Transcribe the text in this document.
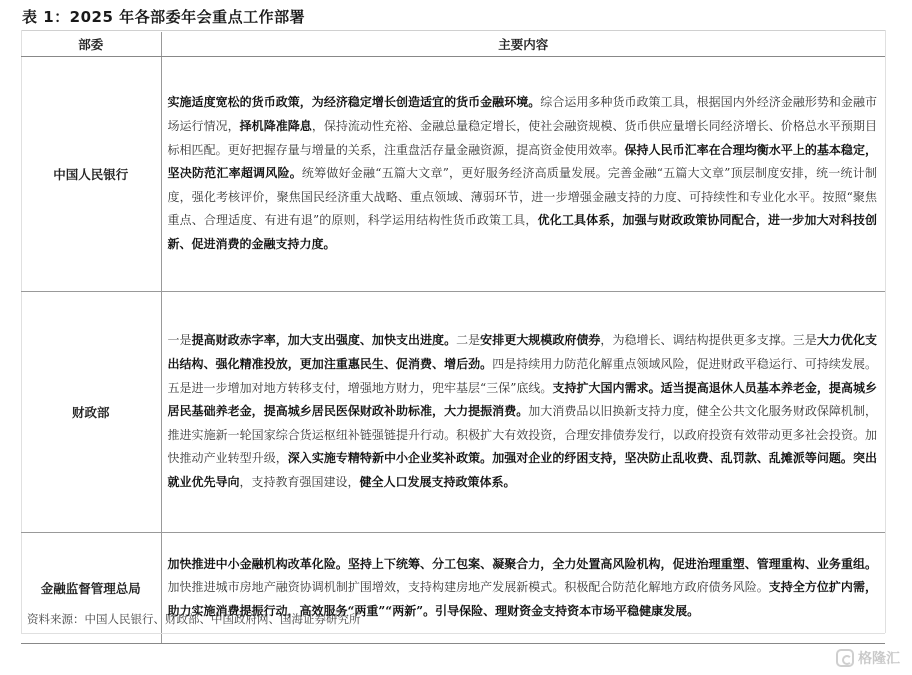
表 1：2025 年各部委年会重点工作部署
部委	主要内容
中国人民银行	实施适度宽松的货币政策，为经济稳定增长创造适宜的货币金融环境。综合运用多种货币政策工具，根据国内外经济金融形势和金融市场运行情况，择机降准降息，保持流动性充裕、金融总量稳定增长，使社会融资规模、货币供应量增长同经济增长、价格总水平预期目标相匹配。更好把握存量与增量的关系，注重盘活存量金融资源，提高资金使用效率。保持人民币汇率在合理均衡水平上的基本稳定，坚决防范汇率超调风险。统筹做好金融“五篇大文章”，更好服务经济高质量发展。完善金融“五篇大文章”顶层制度安排，统一统计制度，强化考核评价，聚焦国民经济重大战略、重点领域、薄弱环节，进一步增强金融支持的力度、可持续性和专业化水平。按照“聚焦重点、合理适度、有进有退”的原则，科学运用结构性货币政策工具，优化工具体系，加强与财政政策协同配合，进一步加大对科技创新、促进消费的金融支持力度。
财政部	一是提高财政赤字率，加大支出强度、加快支出进度。二是安排更大规模政府债券，为稳增长、调结构提供更多支撑。三是大力优化支出结构、强化精准投放，更加注重惠民生、促消费、增后劲。四是持续用力防范化解重点领域风险，促进财政平稳运行、可持续发展。五是进一步增加对地方转移支付，增强地方财力，兜牢基层“三保”底线。支持扩大国内需求。适当提高退休人员基本养老金，提高城乡居民基础养老金，提高城乡居民医保财政补助标准，大力提振消费。加大消费品以旧换新支持力度，健全公共文化服务财政保障机制，推进实施新一轮国家综合货运枢纽补链强链提升行动。积极扩大有效投资，合理安排债券发行，以政府投资有效带动更多社会投资。加快推动产业转型升级，深入实施专精特新中小企业奖补政策。加强对企业的纾困支持，坚决防止乱收费、乱罚款、乱摊派等问题。突出就业优先导向，支持教育强国建设，健全人口发展支持政策体系。
金融监督管理总局	加快推进中小金融机构改革化险。坚持上下统筹、分工包案、凝聚合力，全力处置高风险机构，促进治理重塑、管理重构、业务重组。加快推进城市房地产融资协调机制扩围增效，支持构建房地产发展新模式。积极配合防范化解地方政府债务风险。支持全方位扩内需，助力实施消费提振行动，高效服务“两重”“两新”。引导保险、理财资金支持资本市场平稳健康发展。
资料来源：中国人民银行、财政部、中国政府网、国海证券研究所
格隆汇
